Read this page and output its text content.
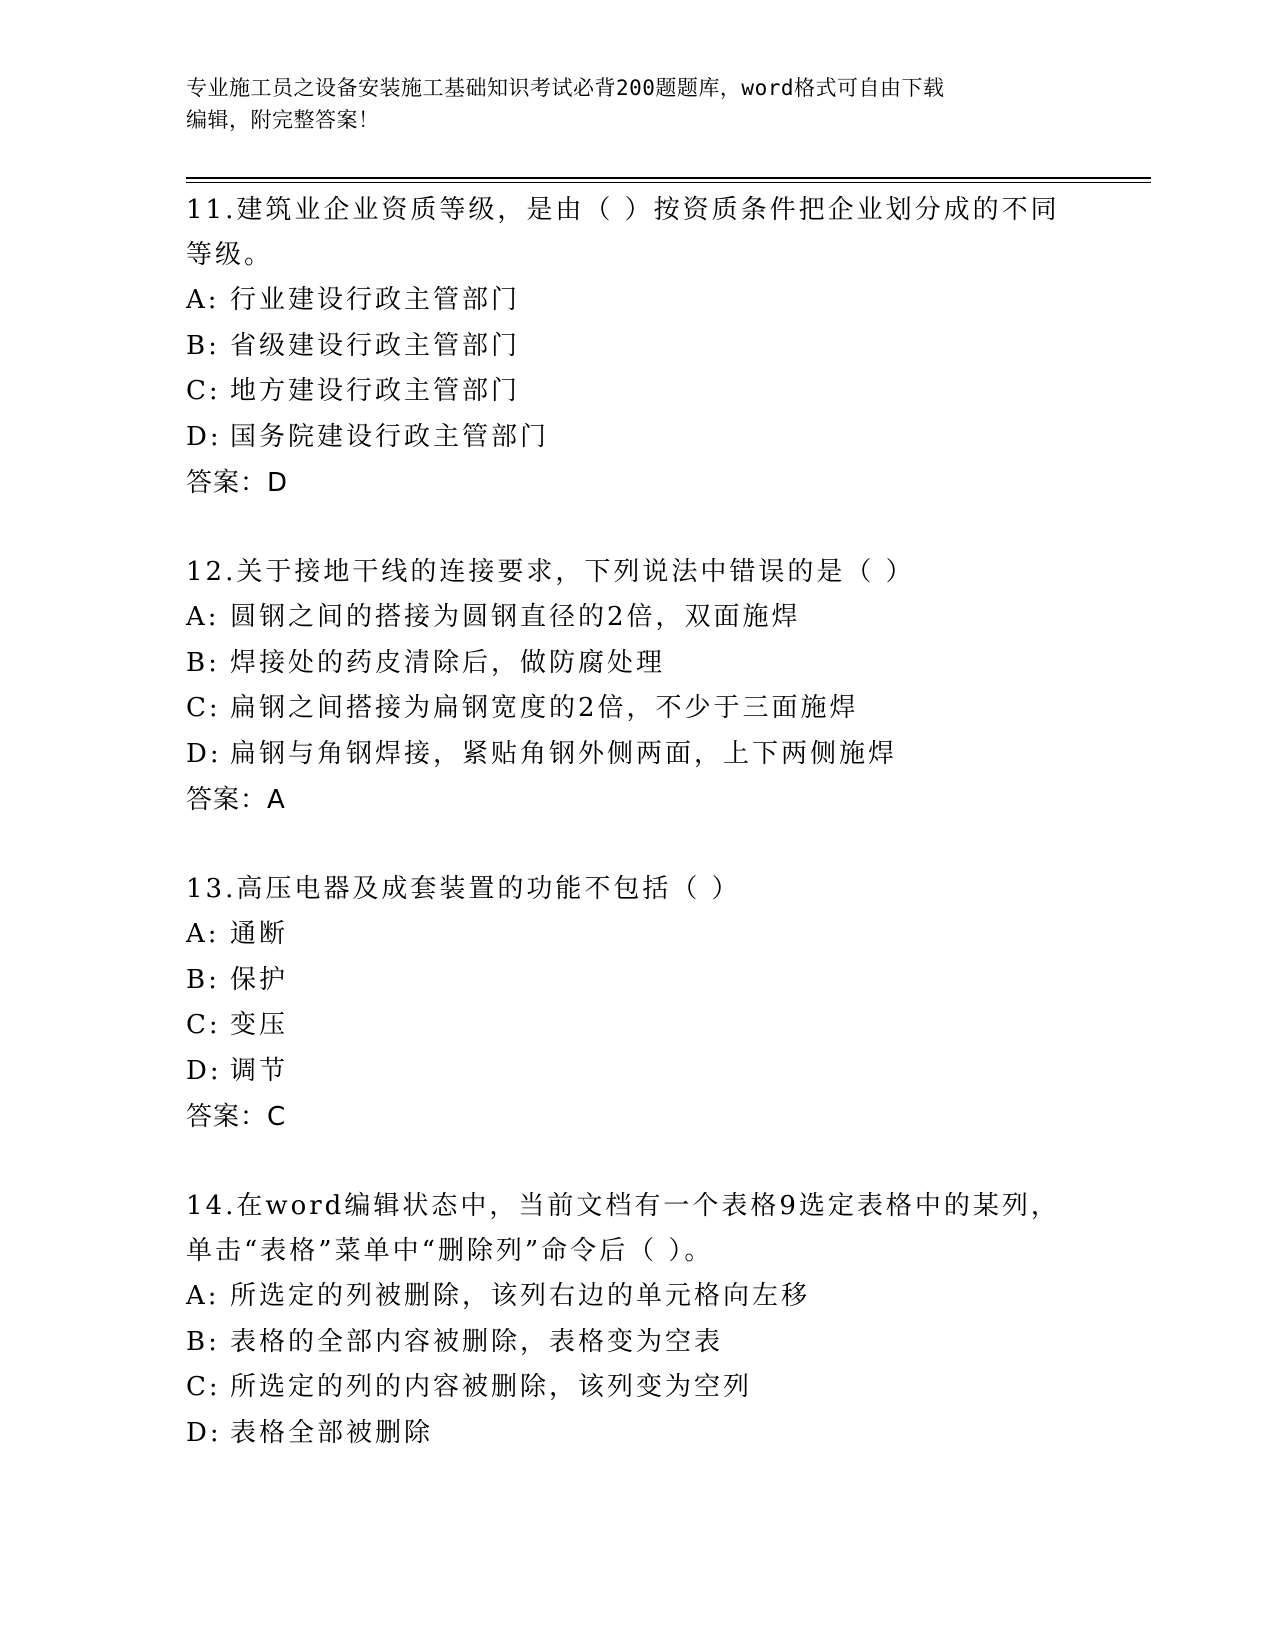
专业施工员之设备安装施工基础知识考试必背200题题库，word格式可自由下载
编辑，附完整答案！
11.建筑业企业资质等级，是由（ ）按资质条件把企业划分成的不同
等级。
A: 行业建设行政主管部门
B: 省级建设行政主管部门
C: 地方建设行政主管部门
D: 国务院建设行政主管部门
答案：D
12.关于接地干线的连接要求，下列说法中错误的是（ ）
A: 圆钢之间的搭接为圆钢直径的2倍，双面施焊
B: 焊接处的药皮清除后，做防腐处理
C: 扁钢之间搭接为扁钢宽度的2倍，不少于三面施焊
D: 扁钢与角钢焊接，紧贴角钢外侧两面，上下两侧施焊
答案：A
13.高压电器及成套装置的功能不包括（ ）
A: 通断
B: 保护
C: 变压
D: 调节
答案：C
14.在word编辑状态中，当前文档有一个表格9选定表格中的某列，
单击“表格”菜单中“删除列”命令后（ ）。
A: 所选定的列被删除，该列右边的单元格向左移
B: 表格的全部内容被删除，表格变为空表
C: 所选定的列的内容被删除，该列变为空列
D: 表格全部被删除
